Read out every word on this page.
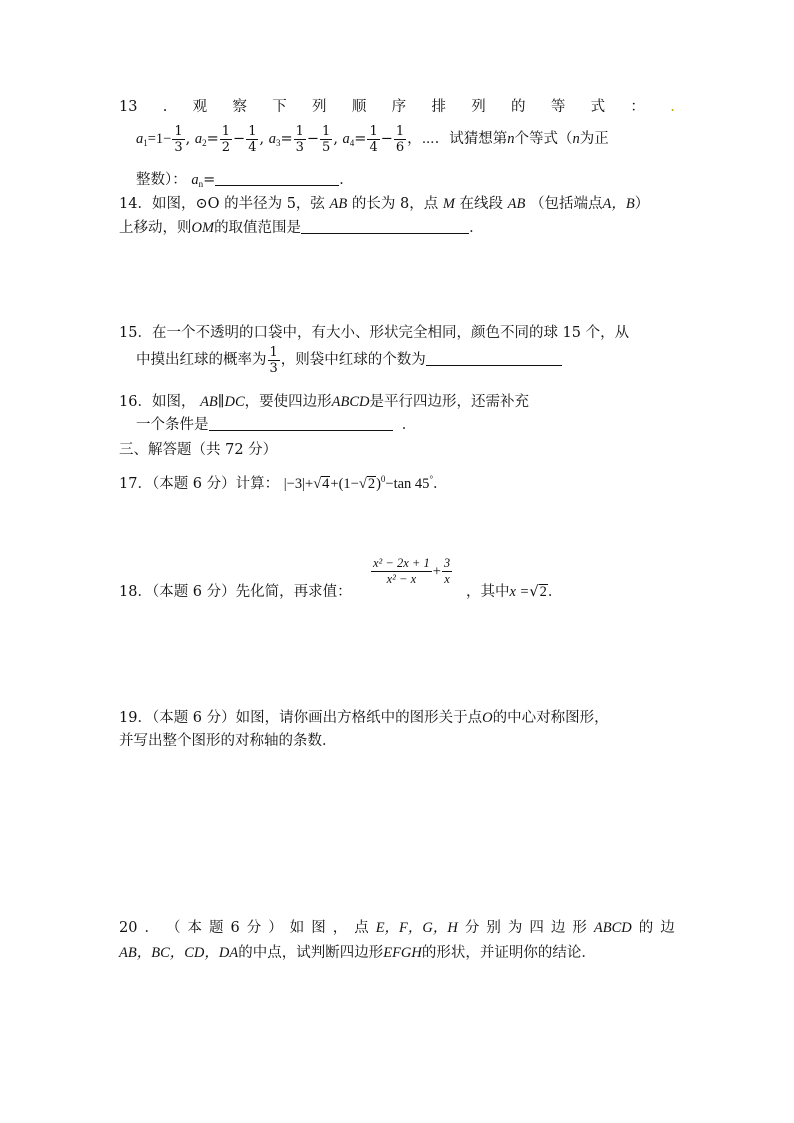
13 . 观 察 下 列 顺 序 排 列 的 等 式 ： .
$a_1=1- \frac{1}{3}$ , $a_2= \frac{1}{2} - \frac{1}{4}$ , $a_3= \frac{1}{3} - \frac{1}{5}$ , $a_4= \frac{1}{4} - \frac{1}{6}$ ，⋯．试猜想第n个等式（n为正
整数）： $a_n=$	．
14．如图，⊙O 的半径为 5，弦 AB 的长为 8，点 M 在线段 AB （包括端点A，B）
上移动，则OM的取值范围是	．
15．在一个不透明的口袋中，有大小、形状完全相同，颜色不同的球 15 个，从
中摸出红球的概率为 $\frac{1}{3}$ ，则袋中红球的个数为
16．如图， AB∥DC，要使四边形ABCD是平行四边形，还需补充
一个条件是	．
三、解答题（共 72 分）
17．（本题 6 分）计算： $|-3|+√4+(1-√2)^0-\tan$ 45°．
18．（本题 6 分）先化简，再求值：
$\frac{\text{x² − 2x + 1}}{\text{x² − x}} + \frac{3}{x}$
，其中x =√2．
19．（本题 6 分）如图，请你画出方格纸中的图形关于点O的中心对称图形，
并写出整个图形的对称轴的条数．
20 ． （ 本 题 6 分 ） 如 图 ， 点 E，F，G，H 分 别 为 四 边 形 ABCD 的 边
AB，BC，CD，DA的中点，试判断四边形EFGH的形状，并证明你的结论．
